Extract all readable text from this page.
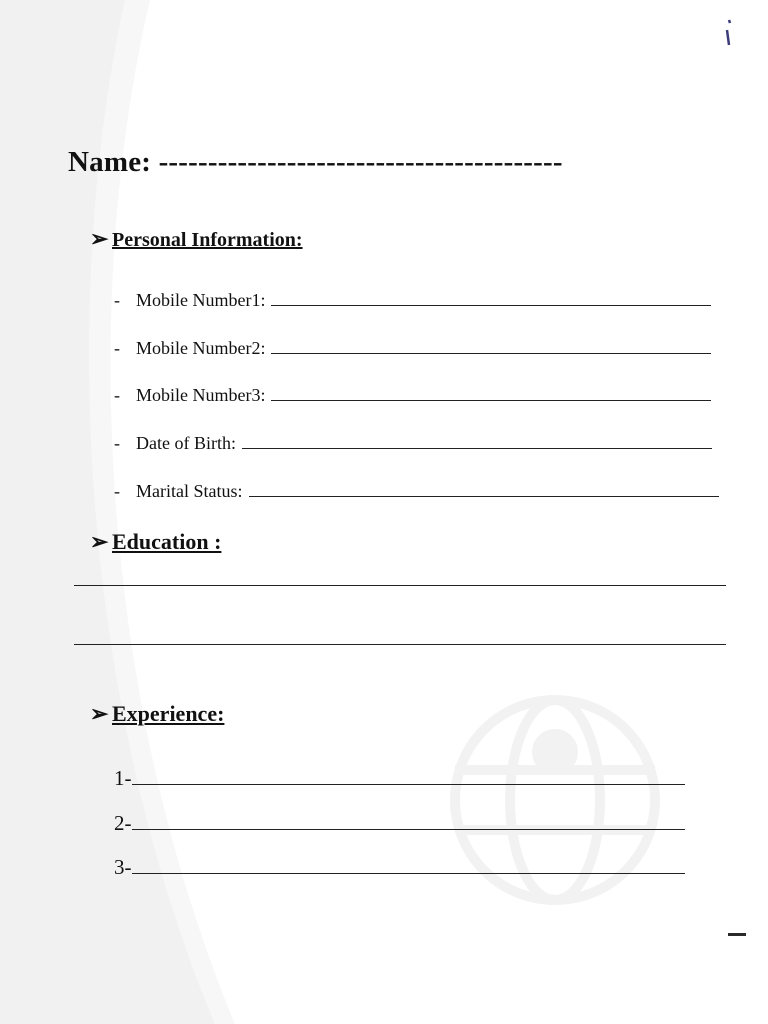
Name: -----------------------------------------
➢ Personal Information:
- Mobile Number1:
- Mobile Number2:
- Mobile Number3:
- Date of Birth:
- Marital Status:
➢ Education :
➢ Experience:
1-
2-
3-
